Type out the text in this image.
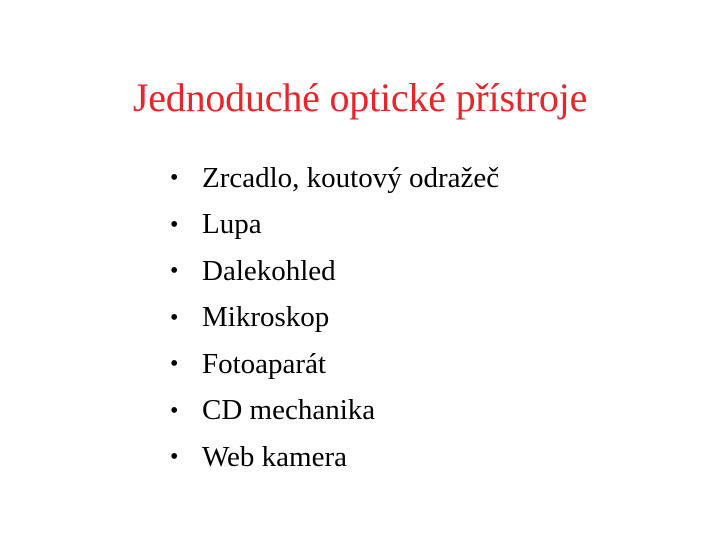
Jednoduché optické přístroje
• Zrcadlo, koutový odražeč
• Lupa
• Dalekohled
• Mikroskop
• Fotoaparát
• CD mechanika
• Web kamera
